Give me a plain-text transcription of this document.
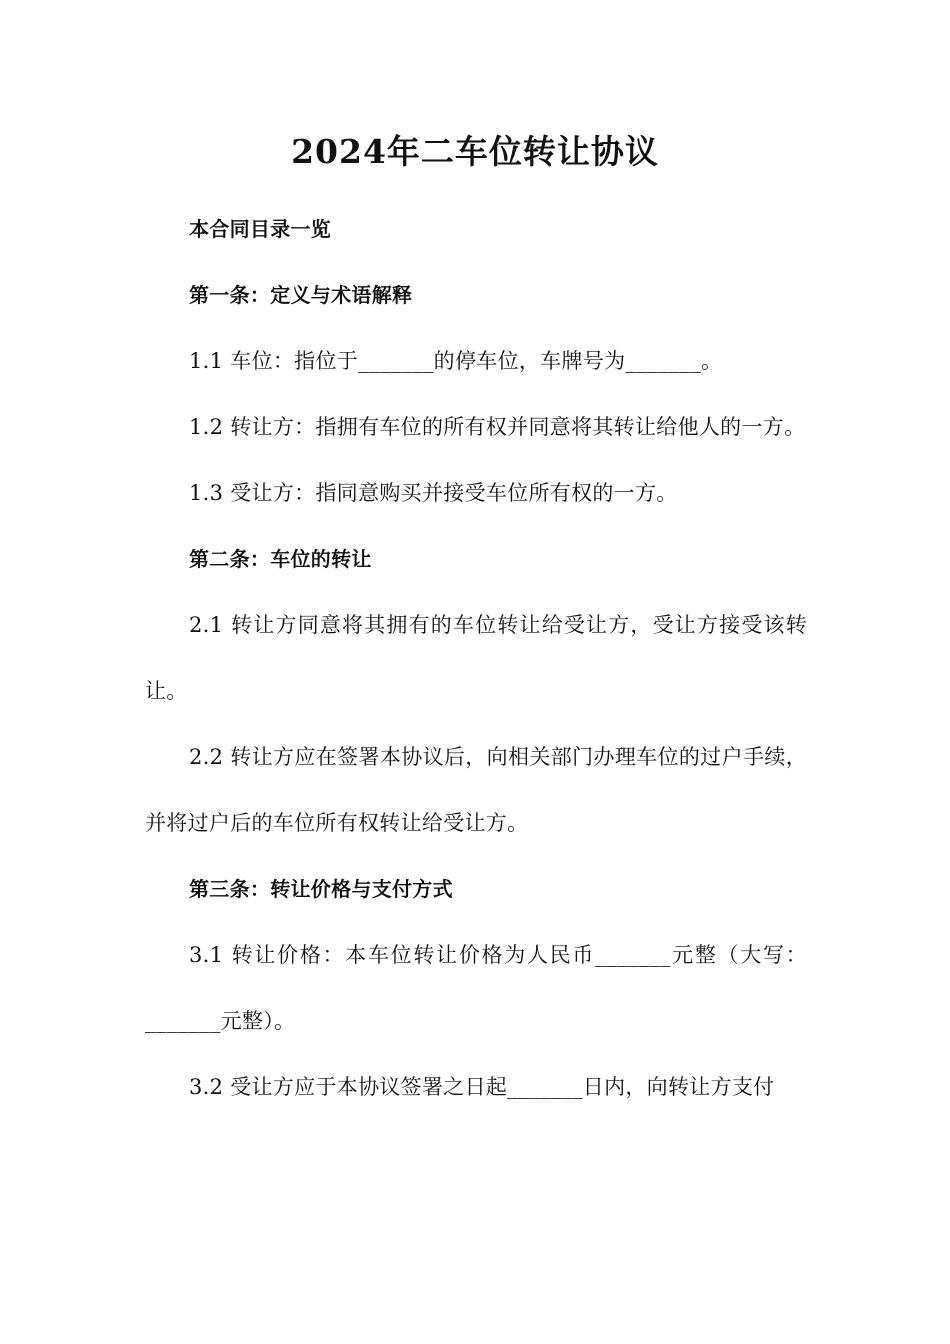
2024年二车位转让协议

本合同目录一览

第一条：定义与术语解释

1.1 车位：指位于_______的停车位，车牌号为_______。

1.2 转让方：指拥有车位的所有权并同意将其转让给他人的一方。

1.3 受让方：指同意购买并接受车位所有权的一方。

第二条：车位的转让

2.1 转让方同意将其拥有的车位转让给受让方，受让方接受该转让。

2.2 转让方应在签署本协议后，向相关部门办理车位的过户手续，并将过户后的车位所有权转让给受让方。

第三条：转让价格与支付方式

3.1 转让价格：本车位转让价格为人民币_______元整（大写：_______元整）。

3.2 受让方应于本协议签署之日起_______日内，向转让方支付
